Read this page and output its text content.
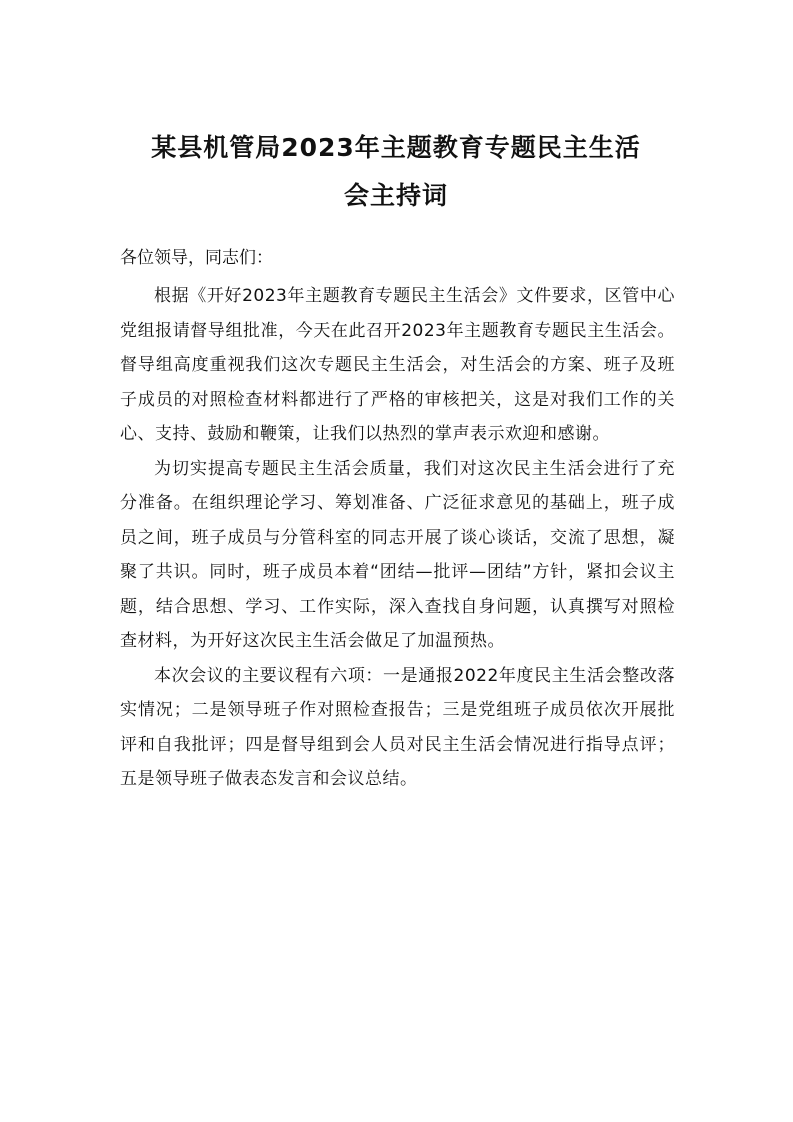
某县机管局2023年主题教育专题民主生活
会主持词

各位领导，同志们：

根据《开好2023年主题教育专题民主生活会》文件要求，区管中心党组报请督导组批准，今天在此召开2023年主题教育专题民主生活会。督导组高度重视我们这次专题民主生活会，对生活会的方案、班子及班子成员的对照检查材料都进行了严格的审核把关，这是对我们工作的关心、支持、鼓励和鞭策，让我们以热烈的掌声表示欢迎和感谢。

为切实提高专题民主生活会质量，我们对这次民主生活会进行了充分准备。在组织理论学习、筹划准备、广泛征求意见的基础上，班子成员之间，班子成员与分管科室的同志开展了谈心谈话，交流了思想，凝聚了共识。同时，班子成员本着“团结—批评—团结”方针，紧扣会议主题，结合思想、学习、工作实际，深入查找自身问题，认真撰写对照检查材料，为开好这次民主生活会做足了加温预热。

本次会议的主要议程有六项：一是通报2022年度民主生活会整改落实情况；二是领导班子作对照检查报告；三是党组班子成员依次开展批评和自我批评；四是督导组到会人员对民主生活会情况进行指导点评；五是领导班子做表态发言和会议总结。
